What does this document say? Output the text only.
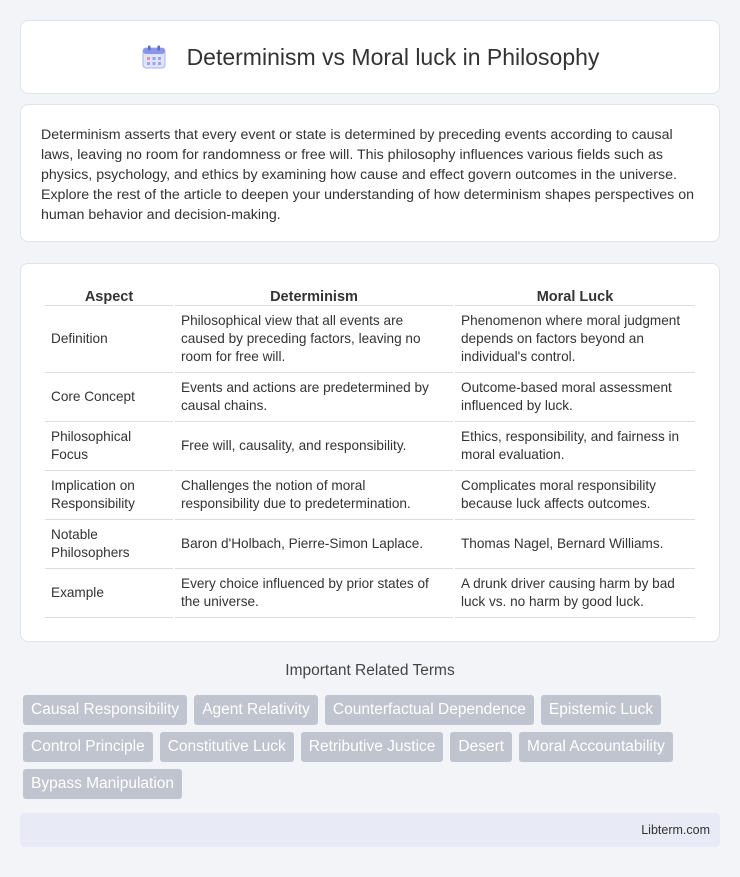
Determinism vs Moral luck in Philosophy

Determinism asserts that every event or state is determined by preceding events according to causal laws, leaving no room for randomness or free will. This philosophy influences various fields such as physics, psychology, and ethics by examining how cause and effect govern outcomes in the universe. Explore the rest of the article to deepen your understanding of how determinism shapes perspectives on human behavior and decision-making.

Aspect	Determinism	Moral Luck
Definition	Philosophical view that all events are caused by preceding factors, leaving no room for free will.	Phenomenon where moral judgment depends on factors beyond an individual's control.
Core Concept	Events and actions are predetermined by causal chains.	Outcome-based moral assessment influenced by luck.
Philosophical Focus	Free will, causality, and responsibility.	Ethics, responsibility, and fairness in moral evaluation.
Implication on Responsibility	Challenges the notion of moral responsibility due to predetermination.	Complicates moral responsibility because luck affects outcomes.
Notable Philosophers	Baron d'Holbach, Pierre-Simon Laplace.	Thomas Nagel, Bernard Williams.
Example	Every choice influenced by prior states of the universe.	A drunk driver causing harm by bad luck vs. no harm by good luck.
Important Related Terms
Causal Responsibility	Agent Relativity	Counterfactual Dependence	Epistemic Luck
Control Principle	Constitutive Luck	Retributive Justice	Desert	Moral Accountability
Bypass Manipulation
Libterm.com
